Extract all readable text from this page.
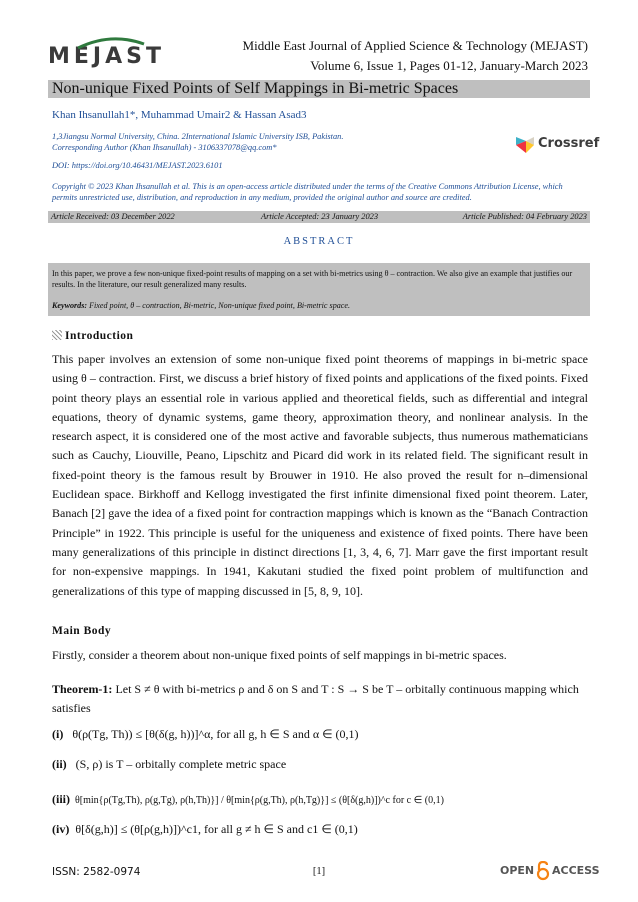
MEJAST	Middle East Journal of Applied Science & Technology (MEJAST)
Volume 6, Issue 1, Pages 01-12, January-March 2023
Non-unique Fixed Points of Self Mappings in Bi-metric Spaces
Khan Ihsanullah1*, Muhammad Umair2 & Hassan Asad3
1,3Jiangsu Normal University, China. 2International Islamic University ISB, Pakistan.
Corresponding Author (Khan Ihsanullah) - 3106337078@qq.com*
DOI: https://doi.org/10.46431/MEJAST.2023.6101
Crossref
Copyright © 2023 Khan Ihsanullah et al. This is an open-access article distributed under the terms of the Creative Commons Attribution License, which permits unrestricted use, distribution, and reproduction in any medium, provided the original author and source are credited.
Article Received: 03 December 2022	Article Accepted: 23 January 2023	Article Published: 04 February 2023
ABSTRACT
In this paper, we prove a few non-unique fixed-point results of mapping on a set with bi-metrics using θ – contraction. We also give an example that justifies our results. In the literature, our result generalized many results.
Keywords: Fixed point, θ – contraction, Bi-metric, Non-unique fixed point, Bi-metric space.
Introduction
This paper involves an extension of some non-unique fixed point theorems of mappings in bi-metric space using θ – contraction. First, we discuss a brief history of fixed points and applications of the fixed points. Fixed point theory plays an essential role in various applied and theoretical fields, such as differential and integral equations, theory of dynamic systems, game theory, approximation theory, and nonlinear analysis. In the research aspect, it is considered one of the most active and favorable subjects, thus numerous mathematicians such as Cauchy, Liouville, Peano, Lipschitz and Picard did work in its related field. The significant result in fixed-point theory is the famous result by Brouwer in 1910. He also proved the result for n–dimensional Euclidean space. Birkhoff and Kellogg investigated the first infinite dimensional fixed point theorem. Later, Banach [2] gave the idea of a fixed point for contraction mappings which is known as the “Banach Contraction Principle” in 1922. This principle is useful for the uniqueness and existence of fixed points. There have been many generalizations of this principle in distinct directions [1, 3, 4, 6, 7]. Marr gave the first important result for non-expensive mappings. In 1941, Kakutani studied the fixed point problem of multifunction and generalizations of this type of mapping discussed in [5, 8, 9, 10].
Main Body
Firstly, consider a theorem about non-unique fixed points of self mappings in bi-metric spaces.
Theorem-1: Let S ≠ θ with bi-metrics ρ and δ on S and T : S → S be T – orbitally continuous mapping which satisfies
(i) θ(ρ(Tg, Th)) ≤ [θ(δ(g, h))]^α, for all g, h ∈ S and α ∈ (0,1)
(ii) (S, ρ) is T – orbitally complete metric space
(iii) θ[min{ρ(Tg,Th), ρ(g,Tg), ρ(h,Th)}] / θ[min{ρ(g,Th), ρ(h,Tg)}] ≤ (θ[δ(g,h)])^c for c ∈ (0,1)
(iv) θ[δ(g,h)] ≤ (θ[ρ(g,h)])^c1, for all g ≠ h ∈ S and c1 ∈ (0,1)
ISSN: 2582-0974	[1]	OPEN ACCESS
